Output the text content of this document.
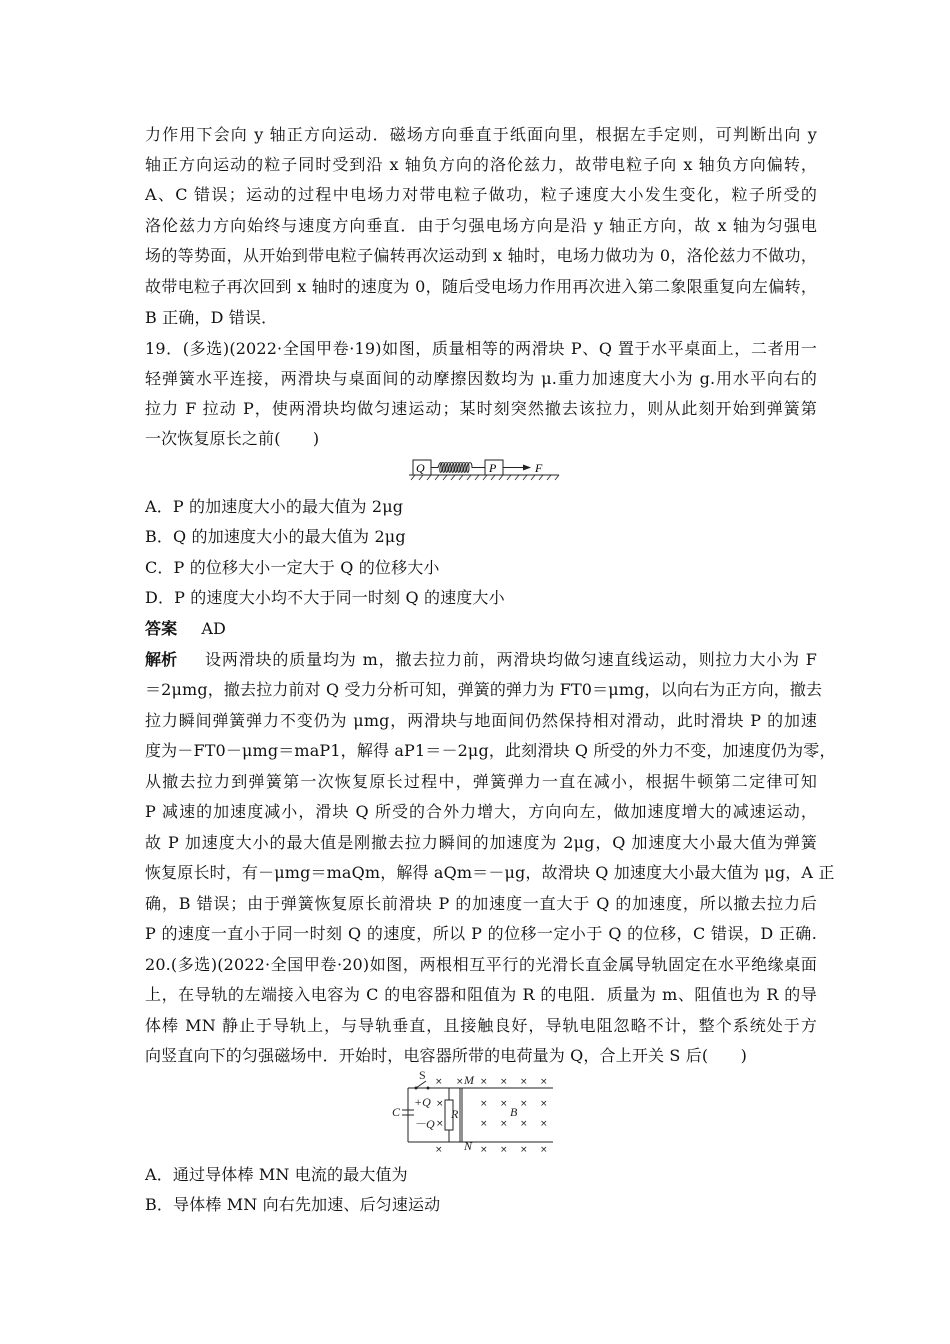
力作用下会向 y 轴正方向运动．磁场方向垂直于纸面向里，根据左手定则，可判断出向 y
轴正方向运动的粒子同时受到沿 x 轴负方向的洛伦兹力，故带电粒子向 x 轴负方向偏转，
A、C 错误；运动的过程中电场力对带电粒子做功，粒子速度大小发生变化，粒子所受的
洛伦兹力方向始终与速度方向垂直．由于匀强电场方向是沿 y 轴正方向，故 x 轴为匀强电
场的等势面，从开始到带电粒子偏转再次运动到 x 轴时，电场力做功为 0，洛伦兹力不做功，
故带电粒子再次回到 x 轴时的速度为 0，随后受电场力作用再次进入第二象限重复向左偏转，
B 正确，D 错误．
19．(多选)(2022·全国甲卷·19)如图，质量相等的两滑块 P、Q 置于水平桌面上，二者用一
轻弹簧水平连接，两滑块与桌面间的动摩擦因数均为 μ.重力加速度大小为 g.用水平向右的
拉力 F 拉动 P，使两滑块均做匀速运动；某时刻突然撤去该拉力，则从此刻开始到弹簧第
一次恢复原长之前(　　)
Q	P	F
A．P 的加速度大小的最大值为 2μg
B．Q 的加速度大小的最大值为 2μg
C．P 的位移大小一定大于 Q 的位移大小
D．P 的速度大小均不大于同一时刻 Q 的速度大小
答案 AD
解析 设两滑块的质量均为 m，撤去拉力前，两滑块均做匀速直线运动，则拉力大小为 F
＝2μmg，撤去拉力前对 Q 受力分析可知，弹簧的弹力为 FT0＝μmg，以向右为正方向，撤去
拉力瞬间弹簧弹力不变仍为 μmg，两滑块与地面间仍然保持相对滑动，此时滑块 P 的加速
度为－FT0－μmg＝maP1，解得 aP1＝－2μg，此刻滑块 Q 所受的外力不变，加速度仍为零，
从撤去拉力到弹簧第一次恢复原长过程中，弹簧弹力一直在减小，根据牛顿第二定律可知
P 减速的加速度减小，滑块 Q 所受的合外力增大，方向向左，做加速度增大的减速运动，
故 P 加速度大小的最大值是刚撤去拉力瞬间的加速度为 2μg，Q 加速度大小最大值为弹簧
恢复原长时，有－μmg＝maQm，解得 aQm＝－μg，故滑块 Q 加速度大小最大值为 μg，A 正
确，B 错误；由于弹簧恢复原长前滑块 P 的加速度一直大于 Q 的加速度，所以撤去拉力后
P 的速度一直小于同一时刻 Q 的速度，所以 P 的位移一定小于 Q 的位移，C 错误，D 正确.
20.(多选)(2022·全国甲卷·20)如图，两根相互平行的光滑长直金属导轨固定在水平绝缘桌面
上，在导轨的左端接入电容为 C 的电容器和阻值为 R 的电阻．质量为 m、阻值也为 R 的导
体棒 MN 静止于导轨上，与导轨垂直，且接触良好，导轨电阻忽略不计，整个系统处于方
向竖直向下的匀强磁场中．开始时，电容器所带的电荷量为 Q，合上开关 S 后(　　)
S
C
+Q
－Q
R
M
N
B
× × × × × ×
×	× × × ×
× × × ×
×
×	× × × ×
A．通过导体棒 MN 电流的最大值为
B．导体棒 MN 向右先加速、后匀速运动
